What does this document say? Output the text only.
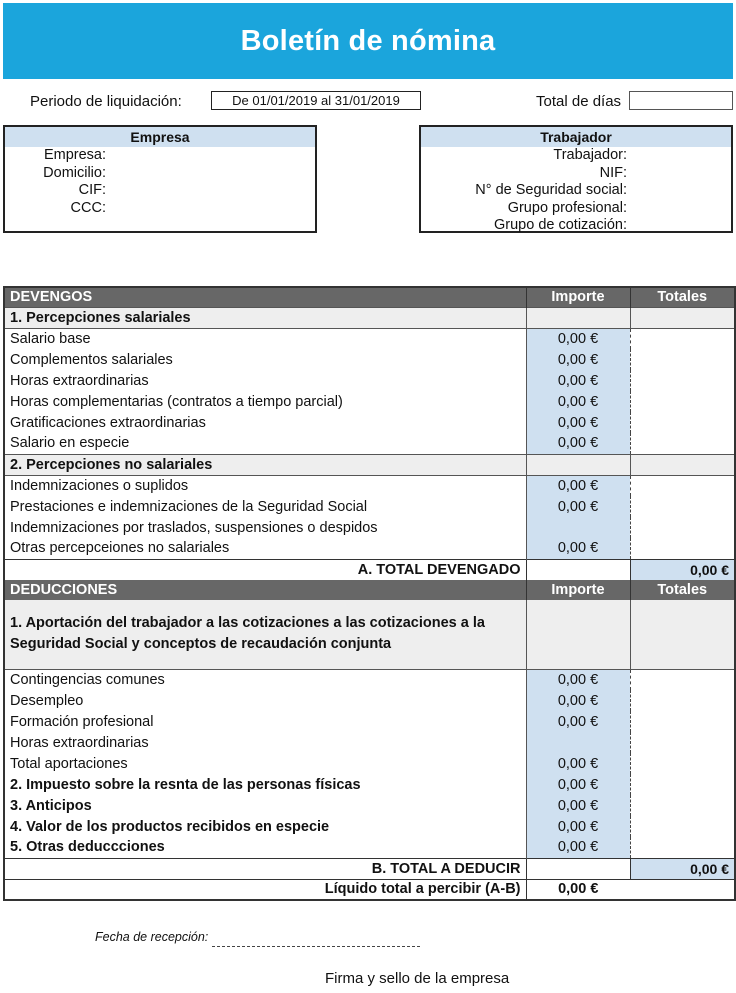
Boletín de nómina
Periodo de liquidación:	De 01/01/2019 al 31/01/2019	Total de días
Empresa
Empresa:
Domicilio:
CIF:
CCC:
Trabajador
Trabajador:
NIF:
N° de Seguridad social:
Grupo profesional:
Grupo de cotización:
DEVENGOS	Importe	Totales
1. Percepciones salariales		
Salario base	0,00 €	
Complementos salariales	0,00 €	
Horas extraordinarias	0,00 €	
Horas complementarias (contratos a tiempo parcial)	0,00 €	
Gratificaciones extraordinarias	0,00 €	
Salario en especie	0,00 €	
2. Percepciones no salariales		
Indemnizaciones o suplidos	0,00 €	
Prestaciones e indemnizaciones de la Seguridad Social	0,00 €	
Indemnizaciones por traslados, suspensiones o despidos		
Otras percepceiones no salariales	0,00 €	
A. TOTAL DEVENGADO		0,00 €
DEDUCCIONES	Importe	Totales
1. Aportación del trabajador a las cotizaciones a las cotizaciones a la Seguridad Social y conceptos de recaudación conjunta		
Contingencias comunes	0,00 €	
Desempleo	0,00 €	
Formación profesional	0,00 €	
Horas extraordinarias		
Total aportaciones	0,00 €	
2. Impuesto sobre la resnta de las personas físicas	0,00 €	
3. Anticipos	0,00 €	
4. Valor de los productos recibidos en especie	0,00 €	
5. Otras deduccciones	0,00 €	
B. TOTAL A DEDUCIR		0,00 €
Líquido total a percibir (A-B)	0,00 €	
Fecha de recepción:
Firma y sello de la empresa
